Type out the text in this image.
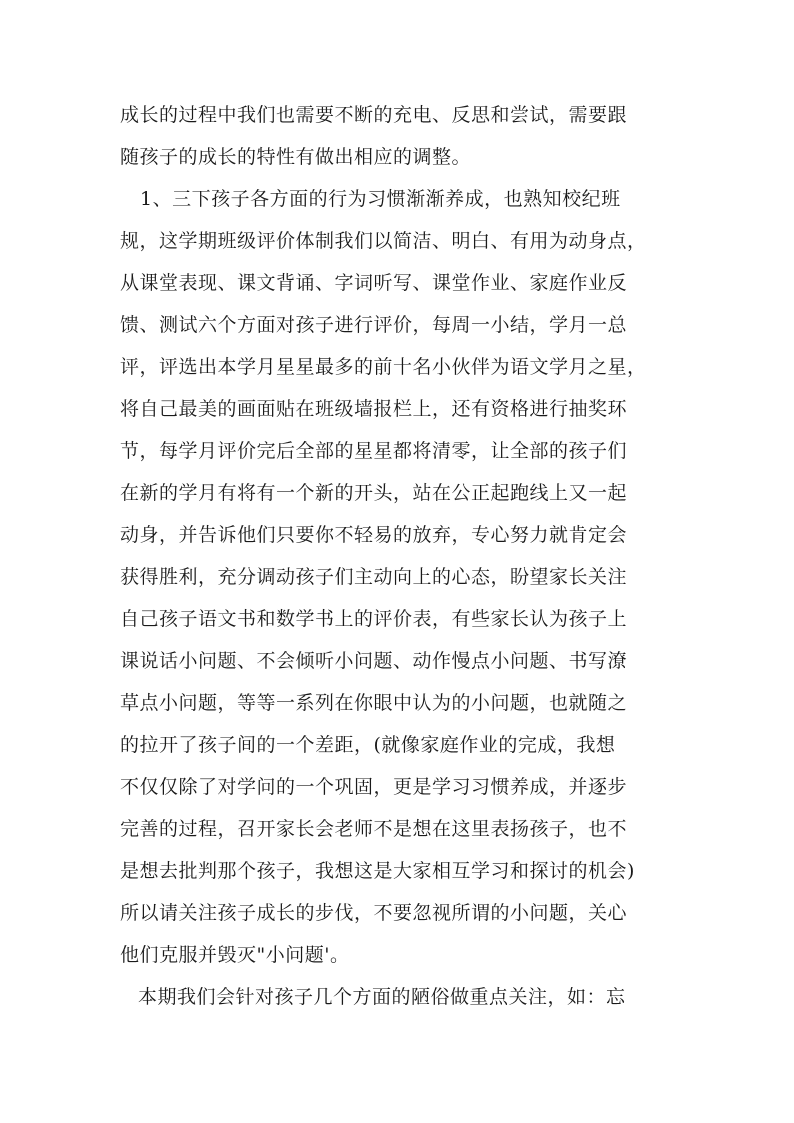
成长的过程中我们也需要不断的充电、反思和尝试，需要跟
随孩子的成长的特性有做出相应的调整。
1、三下孩子各方面的行为习惯渐渐养成，也熟知校纪班
规，这学期班级评价体制我们以简洁、明白、有用为动身点，
从课堂表现、课文背诵、字词听写、课堂作业、家庭作业反
馈、测试六个方面对孩子进行评价，每周一小结，学月一总
评，评选出本学月星星最多的前十名小伙伴为语文学月之星，
将自己最美的画面贴在班级墙报栏上，还有资格进行抽奖环
节，每学月评价完后全部的星星都将清零，让全部的孩子们
在新的学月有将有一个新的开头，站在公正起跑线上又一起
动身，并告诉他们只要你不轻易的放弃，专心努力就肯定会
获得胜利，充分调动孩子们主动向上的心态，盼望家长关注
自己孩子语文书和数学书上的评价表，有些家长认为孩子上
课说话小问题、不会倾听小问题、动作慢点小问题、书写潦
草点小问题，等等一系列在你眼中认为的小问题，也就随之
的拉开了孩子间的一个差距，(就像家庭作业的完成，我想
不仅仅除了对学问的一个巩固，更是学习习惯养成，并逐步
完善的过程，召开家长会老师不是想在这里表扬孩子，也不
是想去批判那个孩子，我想这是大家相互学习和探讨的机会)
所以请关注孩子成长的步伐，不要忽视所谓的小问题，关心
他们克服并毁灭"小问题'。
本期我们会针对孩子几个方面的陋俗做重点关注，如：忘
